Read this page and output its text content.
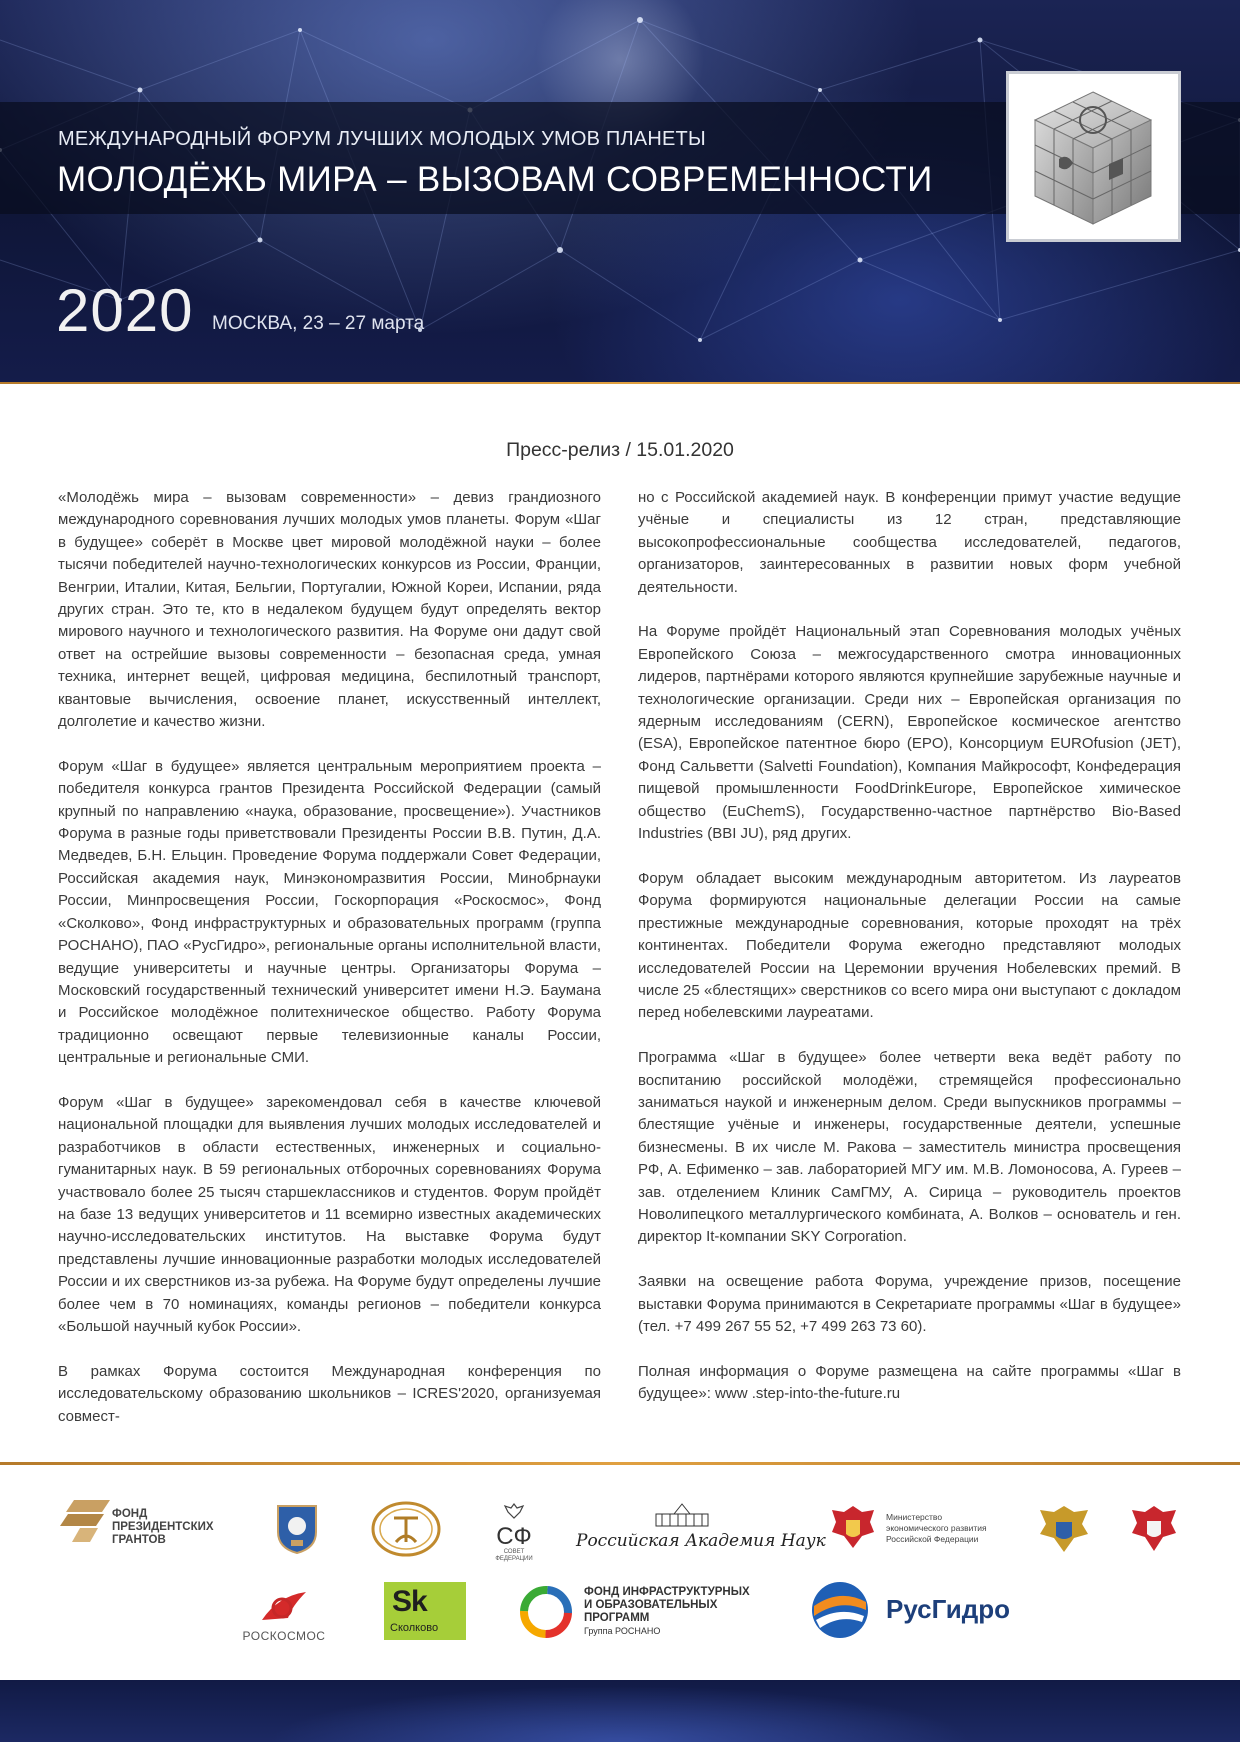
МЕЖДУНАРОДНЫЙ ФОРУМ ЛУЧШИХ МОЛОДЫХ УМОВ ПЛАНЕТЫ
МОЛОДЁЖЬ МИРА – ВЫЗОВАМ СОВРЕМЕННОСТИ
2020 МОСКВА, 23 – 27 марта
Пресс-релиз / 15.01.2020

«Молодёжь мира – вызовам современности» – девиз грандиозного международного соревнования лучших молодых умов планеты. Форум «Шаг в будущее» соберёт в Москве цвет мировой молодёжной науки – более тысячи победителей научно-технологических конкурсов из России, Франции, Венгрии, Италии, Китая, Бельгии, Португалии, Южной Кореи, Испании, ряда других стран. Это те, кто в недалеком будущем будут определять вектор мирового научного и технологического развития. На Форуме они дадут свой ответ на острейшие вызовы современности – безопасная среда, умная техника, интернет вещей, цифровая медицина, беспилотный транспорт, квантовые вычисления, освоение планет, искусственный интеллект, долголетие и качество жизни.

Форум «Шаг в будущее» является центральным мероприятием проекта – победителя конкурса грантов Президента Российской Федерации (самый крупный по направлению «наука, образование, просвещение»). Участников Форума в разные годы приветствовали Президенты России В.В. Путин, Д.А. Медведев, Б.Н. Ельцин. Проведение Форума поддержали Совет Федерации, Российская академия наук, Минэкономразвития России, Минобрнауки России, Минпросвещения России, Госкорпорация «Роскосмос», Фонд «Сколково», Фонд инфраструктурных и образовательных программ (группа РОСНАНО), ПАО «РусГидро», региональные органы исполнительной власти, ведущие университеты и научные центры. Организаторы Форума – Московский государственный технический университет имени Н.Э. Баумана и Российское молодёжное политехническое общество. Работу Форума традиционно освещают первые телевизионные каналы России, центральные и региональные СМИ.

Форум «Шаг в будущее» зарекомендовал себя в качестве ключевой национальной площадки для выявления лучших молодых исследователей и разработчиков в области естественных, инженерных и социально-гуманитарных наук. В 59 региональных отборочных соревнованиях Форума участвовало более 25 тысяч старшеклассников и студентов. Форум пройдёт на базе 13 ведущих университетов и 11 всемирно известных академических научно-исследовательских институтов. На выставке Форума будут представлены лучшие инновационные разработки молодых исследователей России и их сверстников из-за рубежа. На Форуме будут определены лучшие более чем в 70 номинациях, команды регионов – победители конкурса «Большой научный кубок России».

В рамках Форума состоится Международная конференция по исследовательскому образованию школьников – ICRES'2020, организуемая совмест-

но с Российской академией наук. В конференции примут участие ведущие учёные и специалисты из 12 стран, представляющие высокопрофессиональные сообщества исследователей, педагогов, организаторов, заинтересованных в развитии новых форм учебной деятельности.

На Форуме пройдёт Национальный этап Соревнования молодых учёных Европейского Союза – межгосударственного смотра инновационных лидеров, партнёрами которого являются крупнейшие зарубежные научные и технологические организации. Среди них – Европейская организация по ядерным исследованиям (CERN), Европейское космическое агентство (ESA), Европейское патентное бюро (EPO), Консорциум EUROfusion (JET), Фонд Сальветти (Salvetti Foundation), Компания Майкрософт, Конфедерация пищевой промышленности FoodDrinkEurope, Европейское химическое общество (EuChemS), Государственно-частное партнёрство Bio-Based Industries (BBI JU), ряд других.

Форум обладает высоким международным авторитетом. Из лауреатов Форума формируются национальные делегации России на самые престижные международные соревнования, которые проходят на трёх континентах. Победители Форума ежегодно представляют молодых исследователей России на Церемонии вручения Нобелевских премий. В числе 25 «блестящих» сверстников со всего мира они выступают с докладом перед нобелевскими лауреатами.

Программа «Шаг в будущее» более четверти века ведёт работу по воспитанию российской молодёжи, стремящейся профессионально заниматься наукой и инженерным делом. Среди выпускников программы – блестящие учёные и инженеры, государственные деятели, успешные бизнесмены. В их числе М. Ракова – заместитель министра просвещения РФ, А. Ефименко – зав. лабораторией МГУ им. М.В. Ломоносова, А. Гуреев – зав. отделением Клиник СамГМУ, А. Сирица – руководитель проектов Новолипецкого металлургического комбината, А. Волков – основатель и ген. директор It-компании SKY Corporation.

Заявки на освещение работа Форума, учреждение призов, посещение выставки Форума принимаются в Секретариате программы «Шаг в будущее» (тел. +7 499 267 55 52, +7 499 263 73 60).

Полная информация о Форуме размещена на сайте программы «Шаг в будущее»: www .step-into-the-future.ru

ФОНД
ПРЕЗИДЕНТСКИХ
ГРАНТОВ	СФ
СОВЕТ
ФЕДЕРАЦИИ
Российская Академия Наук
Министерство
экономического развития
Российской Федерации
РОСКОСМОС
Sk
Сколково
ФОНД ИНФРАСТРУКТУРНЫХ
И ОБРАЗОВАТЕЛЬНЫХ
ПРОГРАММ
Группа РОСНАНО
РусГидро
